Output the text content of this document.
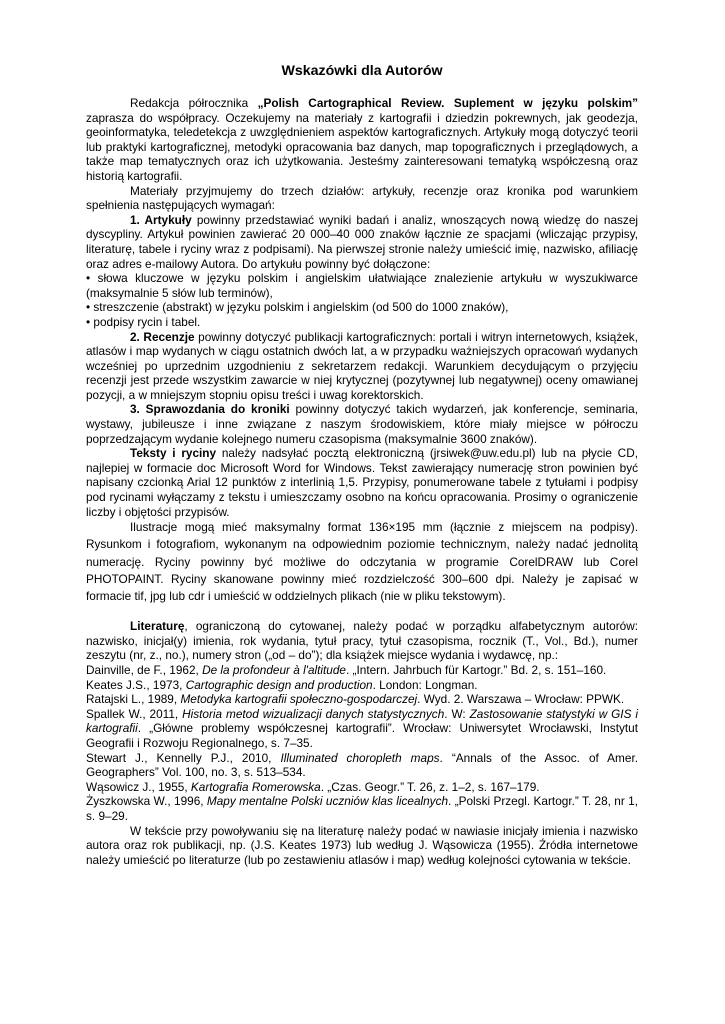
Wskazówki dla Autorów

Redakcja półrocznika „Polish Cartographical Review. Suplement w języku polskim” zaprasza do współpracy. Oczekujemy na materiały z kartografii i dziedzin pokrewnych, jak geodezja, geoinformatyka, teledetekcja z uwzględnieniem aspektów kartograficznych. Artykuły mogą dotyczyć teorii lub praktyki kartograficznej, metodyki opracowania baz danych, map topograficznych i przeglądowych, a także map tematycznych oraz ich użytkowania. Jesteśmy zainteresowani tematyką współczesną oraz historią kartografii.

Materiały przyjmujemy do trzech działów: artykuły, recenzje oraz kronika pod warunkiem spełnienia następujących wymagań:

1. Artykuły powinny przedstawiać wyniki badań i analiz, wnoszących nową wiedzę do naszej dyscypliny. Artykuł powinien zawierać 20 000–40 000 znaków łącznie ze spacjami (wliczając przypisy, literaturę, tabele i ryciny wraz z podpisami). Na pierwszej stronie należy umieścić imię, nazwisko, afiliację oraz adres e-mailowy Autora. Do artykułu powinny być dołączone:

• słowa kluczowe w języku polskim i angielskim ułatwiające znalezienie artykułu w wyszukiwarce (maksymalnie 5 słów lub terminów),

• streszczenie (abstrakt) w języku polskim i angielskim (od 500 do 1000 znaków),

• podpisy rycin i tabel.

2. Recenzje powinny dotyczyć publikacji kartograficznych: portali i witryn internetowych, książek, atlasów i map wydanych w ciągu ostatnich dwóch lat, a w przypadku ważniejszych opracowań wydanych wcześniej po uprzednim uzgodnieniu z sekretarzem redakcji. Warunkiem decydującym o przyjęciu recenzji jest przede wszystkim zawarcie w niej krytycznej (pozytywnej lub negatywnej) oceny omawianej pozycji, a w mniejszym stopniu opisu treści i uwag korektorskich.

3. Sprawozdania do kroniki powinny dotyczyć takich wydarzeń, jak konferencje, seminaria, wystawy, jubileusze i inne związane z naszym środowiskiem, które miały miejsce w półroczu poprzedzającym wydanie kolejnego numeru czasopisma (maksymalnie 3600 znaków).

Teksty i ryciny należy nadsyłać pocztą elektroniczną (jrsiwek@uw.edu.pl) lub na płycie CD, najlepiej w formacie doc Microsoft Word for Windows. Tekst zawierający numerację stron powinien być napisany czcionką Arial 12 punktów z interlinią 1,5. Przypisy, ponumerowane tabele z tytułami i podpisy pod rycinami wyłączamy z tekstu i umieszczamy osobno na końcu opracowania. Prosimy o ograniczenie liczby i objętości przypisów.

Ilustracje mogą mieć maksymalny format 136×195 mm (łącznie z miejscem na podpisy). Rysunkom i fotografiom, wykonanym na odpowiednim poziomie technicznym, należy nadać jednolitą numerację. Ryciny powinny być możliwe do odczytania w programie CorelDRAW lub Corel PHOTOPAINT. Ryciny skanowane powinny mieć rozdzielczość 300–600 dpi. Należy je zapisać w formacie tif, jpg lub cdr i umieścić w oddzielnych plikach (nie w pliku tekstowym).

Literaturę, ograniczoną do cytowanej, należy podać w porządku alfabetycznym autorów: nazwisko, inicjał(y) imienia, rok wydania, tytuł pracy, tytuł czasopisma, rocznik (T., Vol., Bd.), numer zeszytu (nr, z., no.), numery stron („od – do”); dla książek miejsce wydania i wydawcę, np.:

Dainville, de F., 1962, De la profondeur à l'altitude. „Intern. Jahrbuch für Kartogr.” Bd. 2, s. 151–160.

Keates J.S., 1973, Cartographic design and production. London: Longman.

Ratajski L., 1989, Metodyka kartografii społeczno-gospodarczej. Wyd. 2. Warszawa – Wrocław: PPWK.

Spallek W., 2011, Historia metod wizualizacji danych statystycznych. W: Zastosowanie statystyki w GIS i kartografii. „Główne problemy współczesnej kartografii”. Wrocław: Uniwersytet Wrocławski, Instytut Geografii i Rozwoju Regionalnego, s. 7–35.

Stewart J., Kennelly P.J., 2010, Illuminated choropleth maps. “Annals of the Assoc. of Amer. Geographers” Vol. 100, no. 3, s. 513–534.

Wąsowicz J., 1955, Kartografia Romerowska. „Czas. Geogr.” T. 26, z. 1–2, s. 167–179.

Żyszkowska W., 1996, Mapy mentalne Polski uczniów klas licealnych. „Polski Przegl. Kartogr.” T. 28, nr 1, s. 9–29.

W tekście przy powoływaniu się na literaturę należy podać w nawiasie inicjały imienia i nazwisko autora oraz rok publikacji, np. (J.S. Keates 1973) lub według J. Wąsowicza (1955). Źródła internetowe należy umieścić po literaturze (lub po zestawieniu atlasów i map) według kolejności cytowania w tekście.
